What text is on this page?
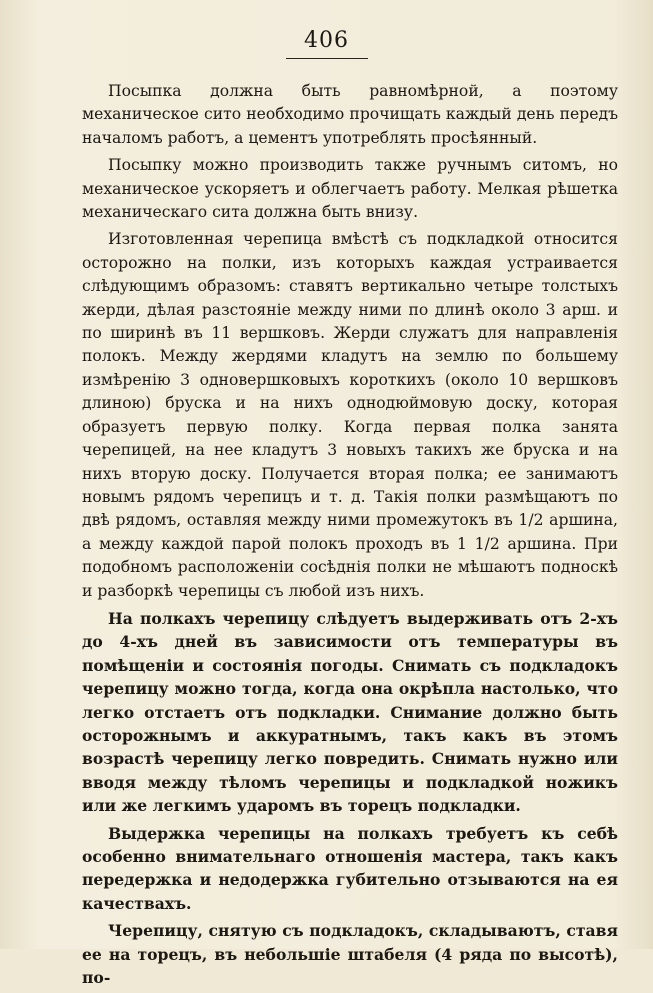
406

Посыпка должна быть равномѣрной, а поэтому механическое сито необходимо прочищать каждый день передъ началомъ работъ, а цементъ употреблять просѣянный.

Посыпку можно производить также ручнымъ ситомъ, но механическое ускоряетъ и облегчаетъ работу. Мелкая рѣшетка механическаго сита должна быть внизу.

Изготовленная черепица вмѣстѣ съ подкладкой относится осторожно на полки, изъ которыхъ каждая устраивается слѣдующимъ образомъ: ставятъ вертикально четыре толстыхъ жерди, дѣлая разстоянiе между ними по длинѣ около 3 арш. и по ширинѣ въ 11 вершковъ. Жерди служатъ для направленiя полокъ. Между жердями кладутъ на землю по большему измѣренiю 3 одновершковыхъ короткихъ (около 10 вершковъ длиною) бруска и на нихъ однодюймовую доску, которая образуетъ первую полку. Когда первая полка занята черепицей, на нее кладутъ 3 новыхъ такихъ же бруска и на нихъ вторую доску. Получается вторая полка; ее занимаютъ новымъ рядомъ черепицъ и т. д. Такiя полки размѣщаютъ по двѣ рядомъ, оставляя между ними промежутокъ въ 1/2 аршина, а между каждой парой полокъ проходъ въ 1 1/2 аршина. При подобномъ расположенiи сосѣднiя полки не мѣшаютъ подноскѣ и разборкѣ черепицы съ любой изъ нихъ.

На полкахъ черепицу слѣдуетъ выдерживать отъ 2-хъ до 4-хъ дней въ зависимости отъ температуры въ помѣщенiи и состоянiя погоды. Снимать съ подкладокъ черепицу можно тогда, когда она окрѣпла настолько, что легко отстаетъ отъ подкладки. Снимание должно быть осторожнымъ и аккуратнымъ, такъ какъ въ этомъ возрастѣ черепицу легко повредить. Снимать нужно или вводя между тѣломъ черепицы и подкладкой ножикъ или же легкимъ ударомъ въ торецъ подкладки.

Выдержка черепицы на полкахъ требуетъ къ себѣ особенно внимательнаго отношенiя мастера, такъ какъ передержка и недодержка губительно отзываются на ея качествахъ.

Черепицу, снятую съ подкладокъ, складываютъ, ставя ее на торецъ, въ небольшiе штабеля (4 ряда по высотѣ), по-
